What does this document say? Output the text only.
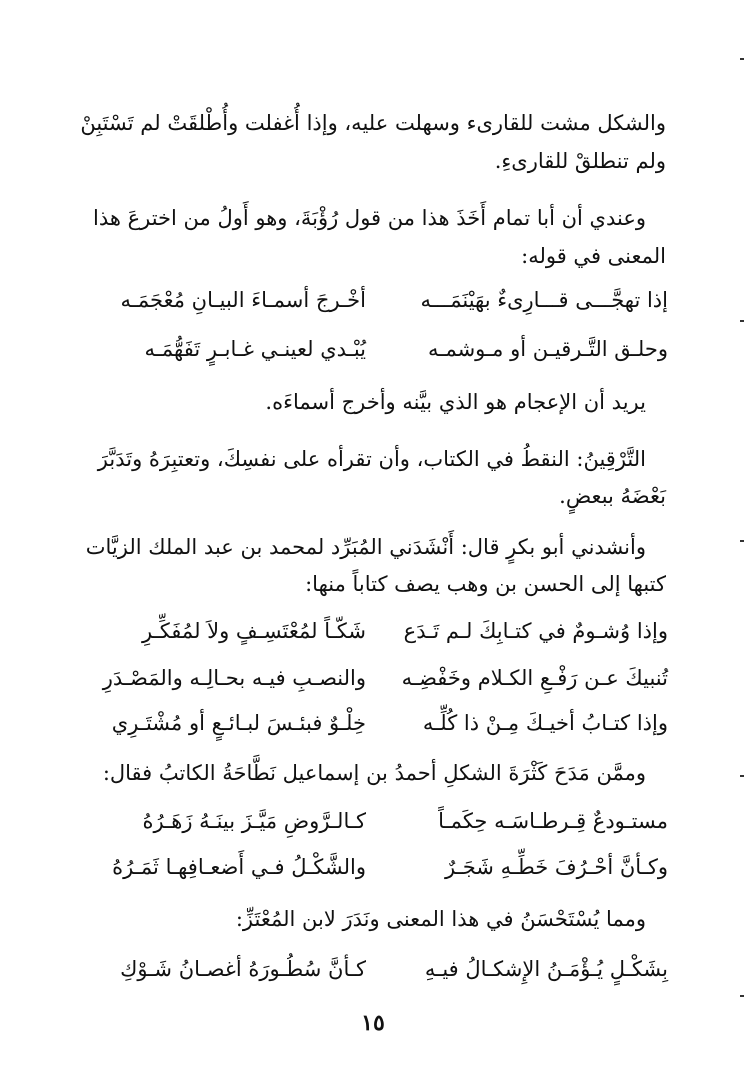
والشكل مشت للقارىء وسهلت عليه، وإذا أُغفلت وأُطْلقَتْ لم تَسْتَبِنْ
ولم تنطلقْ للقارىءِ.
وعندي أن أبا تمام أَخَذَ هذا من قول رُؤْبَةَ، وهو أَولُ من اخترعَ هذا
المعنى في قوله:
إذا تهجَّـــى قـــارِىءٌ بهَيْنَمَـــه
أخْـرجَ أسمـاءَ البيـانِ مُعْجَمَـه
وحلـق التَّـرقيـن أو مـوشمـه
يُبْـدي لعينـي غـابـرٍ تَفَهُّمَـه
يريد أن الإعجام هو الذي بيَّنه وأخرج أسماءَه.
التَّرْقِينُ: النقطُ في الكتاب، وأن تقرأه على نفسِكَ، وتعتبِرَهُ وتَدَبَّرَ
بَعْضَهُ ببعضٍ.
وأنشدني أبو بكرٍ قال: أَنْشَدَني المُبَرِّد لمحمد بن عبد الملك الزيَّات
كتبها إلى الحسن بن وهب يصف كتاباً منها:
وإذا وُشـومٌ في كتـابِكَ لـم تَـدَع
شَكّـاً لمُعْتَسِـفٍ ولاَ لمُفَكِّـرِ
تُنبيكَ عـن رَفْـعِ الكـلام وخَفْضِـه
والنصـبِ فيـه بحـالِـه والمَصْـدَرِ
وإذا كتـابُ أخيـكَ مِـنْ ذا كُلِّـه
خِلْـوٌ فبئـسَ لبـائـعٍ أو مُشْتَـرِي
وممَّن مَدَحَ كَثْرَةَ الشكلِ أحمدُ بن إسماعيل نَطَّاحَةُ الكاتبُ فقال:
مستـودعٌ قِـرطـاسَـه حِكَمـاً
كـالـرَّوضِ مَيَّـزَ بينَـهُ زَهَـرُهُ
وكـأنَّ أحْـرُفَ خَطِّـهِ شَجَـرٌ
والشَّكْـلُ فـي أَضعـافِهـا ثَمَـرُهُ
ومما يُسْتَحْسَنُ في هذا المعنى ونَدَرَ لابن المُعْتَزِّ:
بِشَكْـلٍ يُـؤْمَـنُ الإِشكـالُ فيـهِ
كـأنَّ سُطُـورَهُ أغصـانُ شَـوْكِ
١٥
